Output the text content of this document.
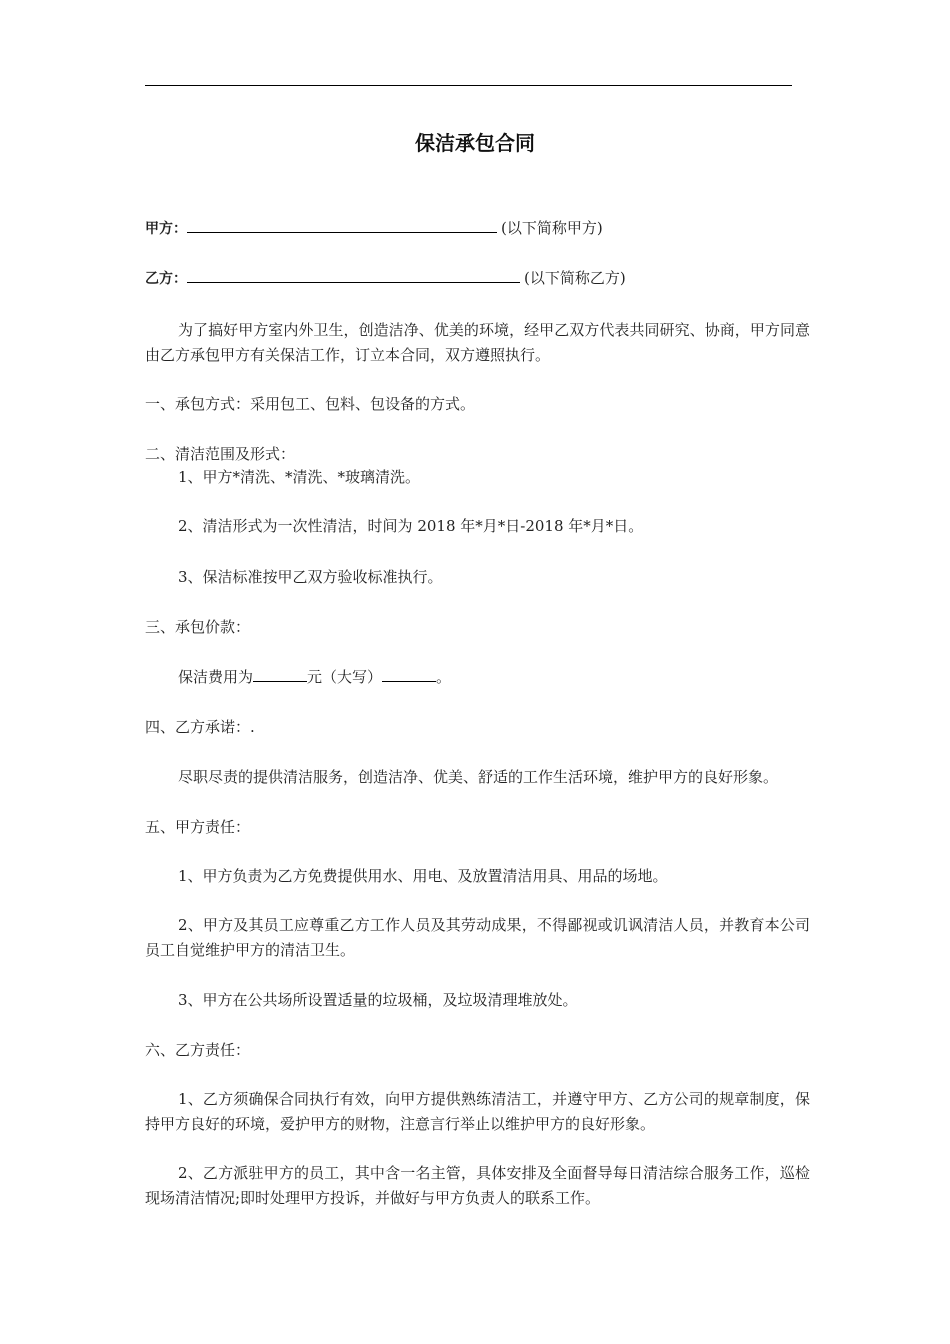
保洁承包合同
甲方：	(以下简称甲方)
乙方：	(以下简称乙方)
为了搞好甲方室内外卫生，创造洁净、优美的环境，经甲乙双方代表共同研究、协商，甲方同意由乙方承包甲方有关保洁工作，订立本合同，双方遵照执行。
一、承包方式：采用包工、包料、包设备的方式。
二、清洁范围及形式：
1、甲方*清洗、*清洗、*玻璃清洗。
2、清洁形式为一次性清洁，时间为 2018 年*月*日-2018 年*月*日。
3、保洁标准按甲乙双方验收标准执行。
三、承包价款：
保洁费用为	元（大写）	。
四、乙方承诺：.
尽职尽责的提供清洁服务，创造洁净、优美、舒适的工作生活环境，维护甲方的良好形象。
五、甲方责任：
1、甲方负责为乙方免费提供用水、用电、及放置清洁用具、用品的场地。
2、甲方及其员工应尊重乙方工作人员及其劳动成果，不得鄙视或讥讽清洁人员，并教育本公司员工自觉维护甲方的清洁卫生。
3、甲方在公共场所设置适量的垃圾桶，及垃圾清理堆放处。
六、乙方责任：
1、乙方须确保合同执行有效，向甲方提供熟练清洁工，并遵守甲方、乙方公司的规章制度，保持甲方良好的环境，爱护甲方的财物，注意言行举止以维护甲方的良好形象。
2、乙方派驻甲方的员工，其中含一名主管，具体安排及全面督导每日清洁综合服务工作，巡检现场清洁情况;即时处理甲方投诉，并做好与甲方负责人的联系工作。
